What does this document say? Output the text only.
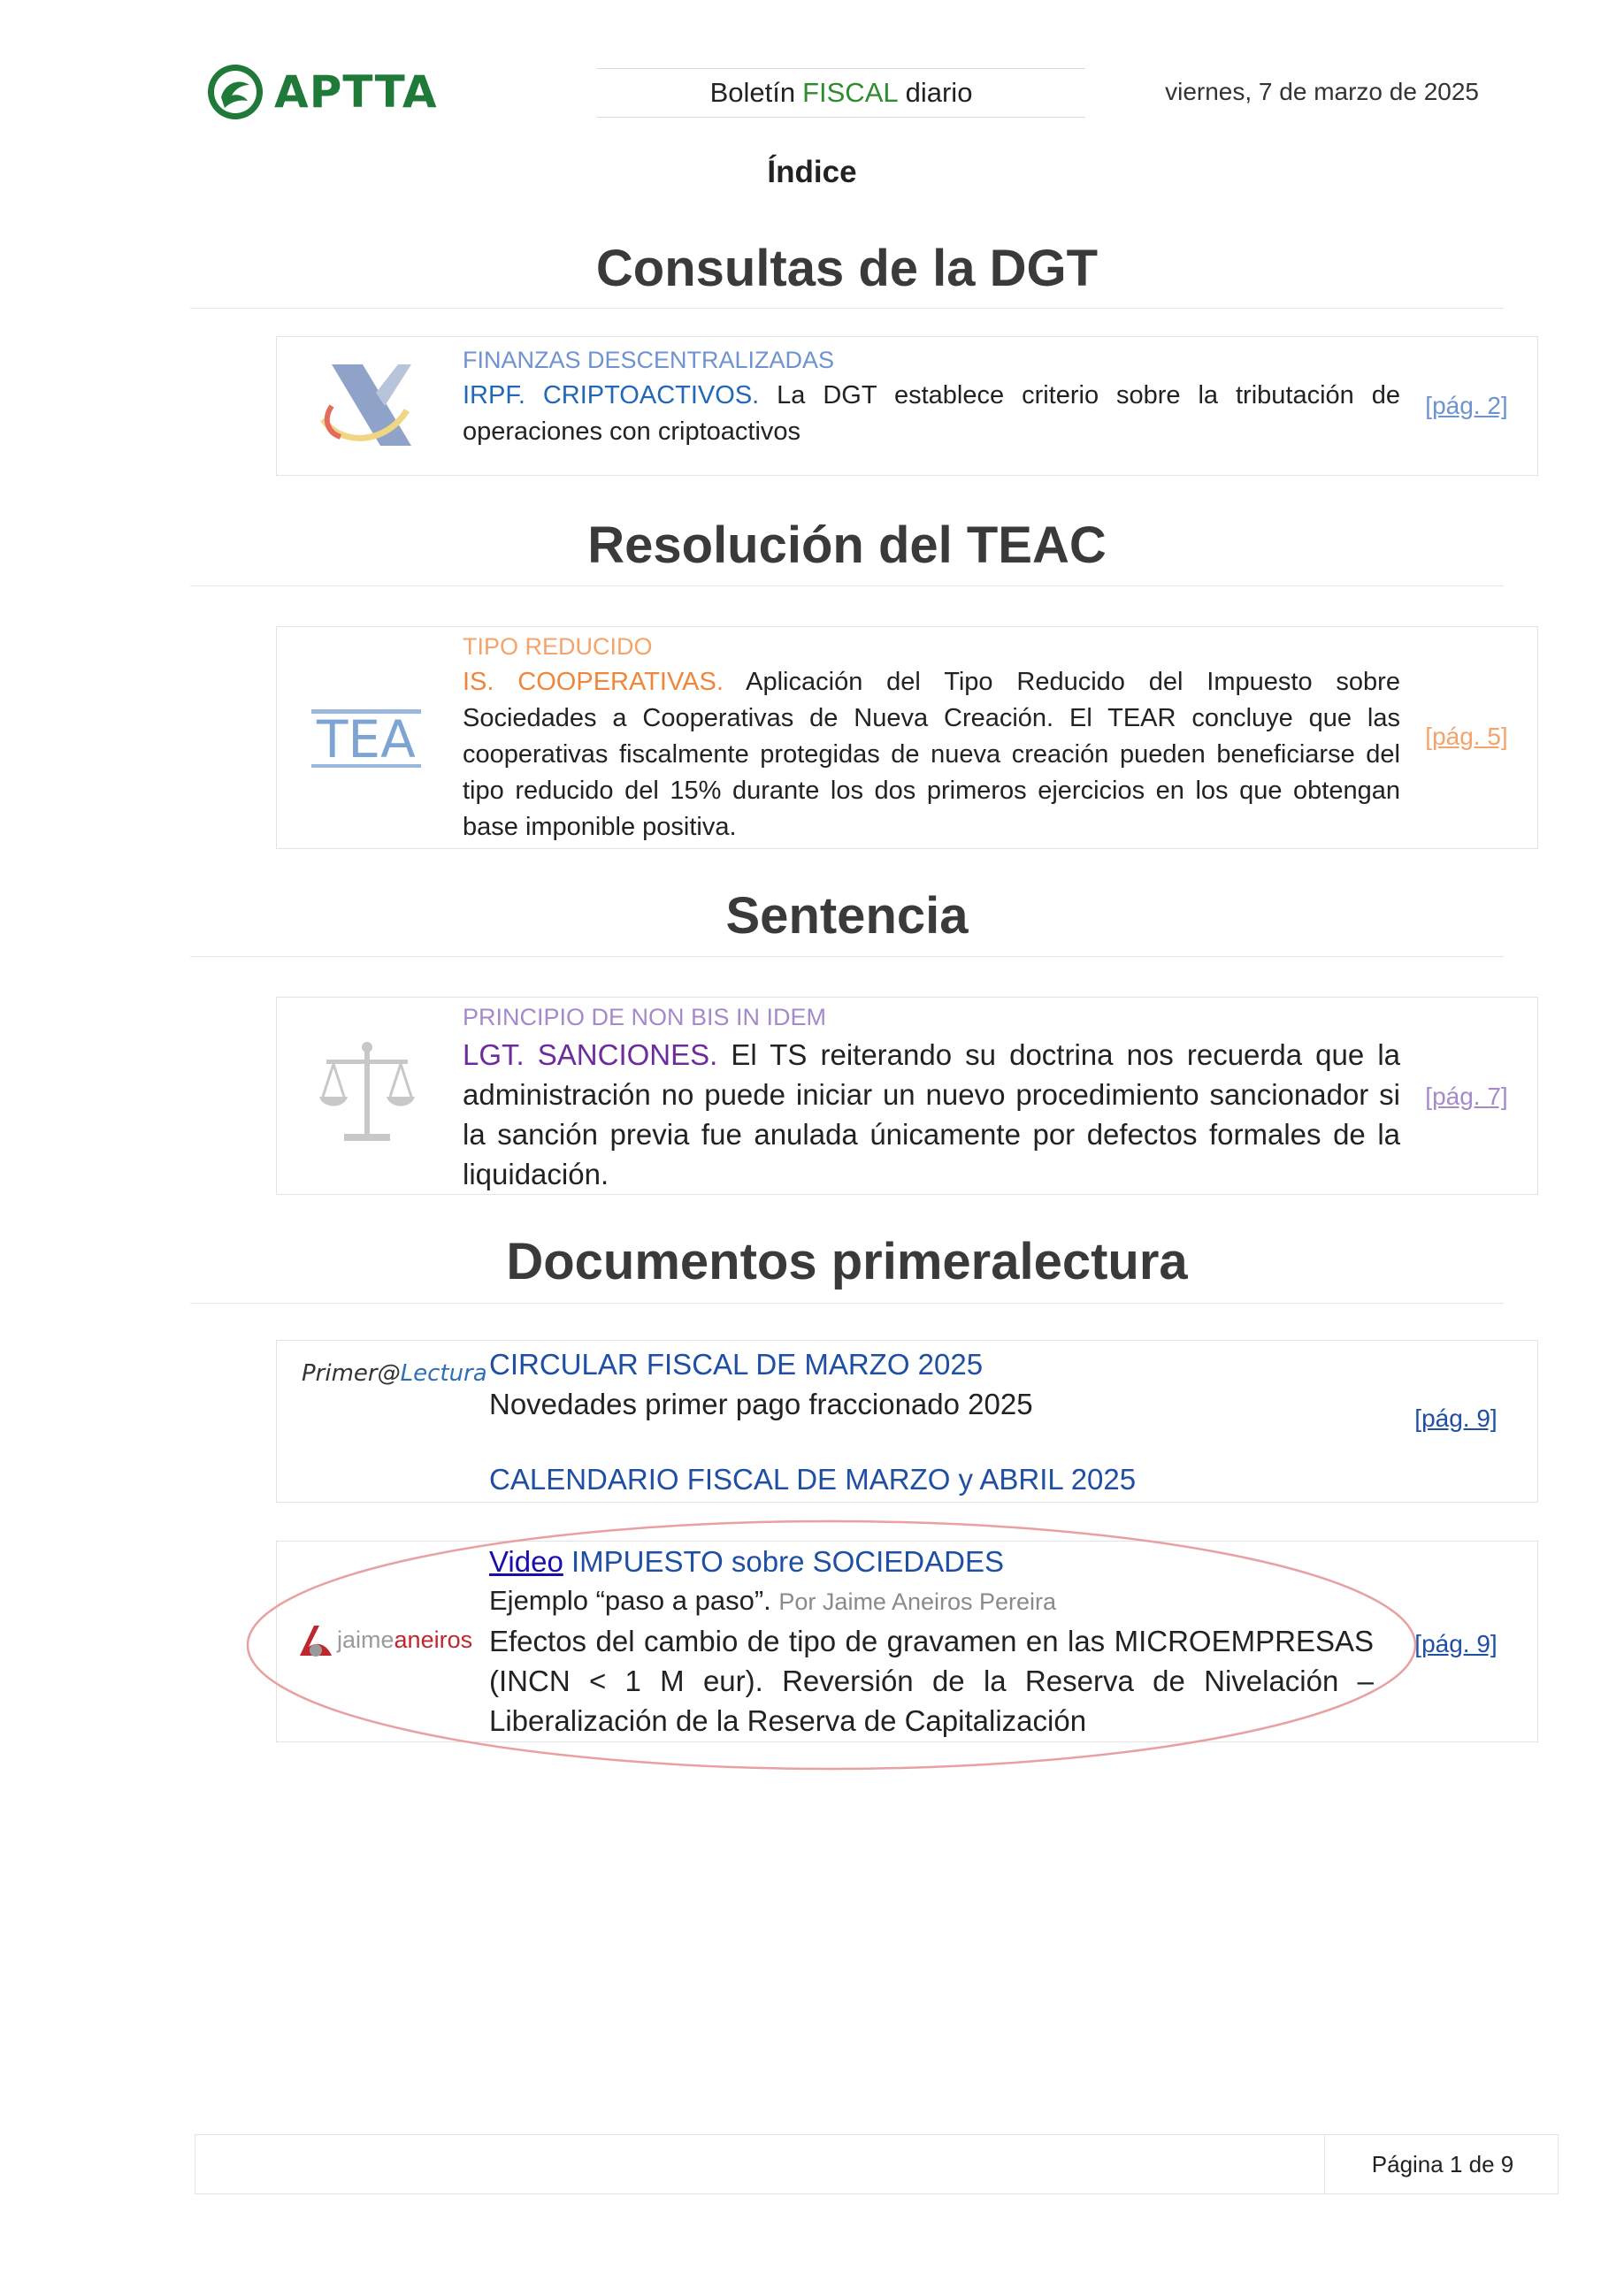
APTTA	Boletín FISCAL diario	viernes, 7 de marzo de 2025
Índice
Consultas de la DGT
FINANZAS DESCENTRALIZADAS
IRPF. CRIPTOACTIVOS. La DGT establece criterio sobre la tributación de operaciones con criptoactivos
[pág. 2]
Resolución del TEAC
TEA
TIPO REDUCIDO
IS. COOPERATIVAS. Aplicación del Tipo Reducido del Impuesto sobre Sociedades a Cooperativas de Nueva Creación. El TEAR concluye que las cooperativas fiscalmente protegidas de nueva creación pueden beneficiarse del tipo reducido del 15% durante los dos primeros ejercicios en los que obtengan base imponible positiva.
[pág. 5]
Sentencia
PRINCIPIO DE NON BIS IN IDEM
LGT. SANCIONES. El TS reiterando su doctrina nos recuerda que la administración no puede iniciar un nuevo procedimiento sancionador si la sanción previa fue anulada únicamente por defectos formales de la liquidación.
[pág. 7]
Documentos primeralectura
Primer@Lectura CIRCULAR FISCAL DE MARZO 2025
Novedades primer pago fraccionado 2025
CALENDARIO FISCAL DE MARZO y ABRIL 2025
[pág. 9]
jaime aneiros
Video IMPUESTO sobre SOCIEDADES
Ejemplo “paso a paso”. Por Jaime Aneiros Pereira
Efectos del cambio de tipo de gravamen en las MICROEMPRESAS (INCN < 1 M eur). Reversión de la Reserva de Nivelación – Liberalización de la Reserva de Capitalización
[pág. 9]
Página 1 de 9
